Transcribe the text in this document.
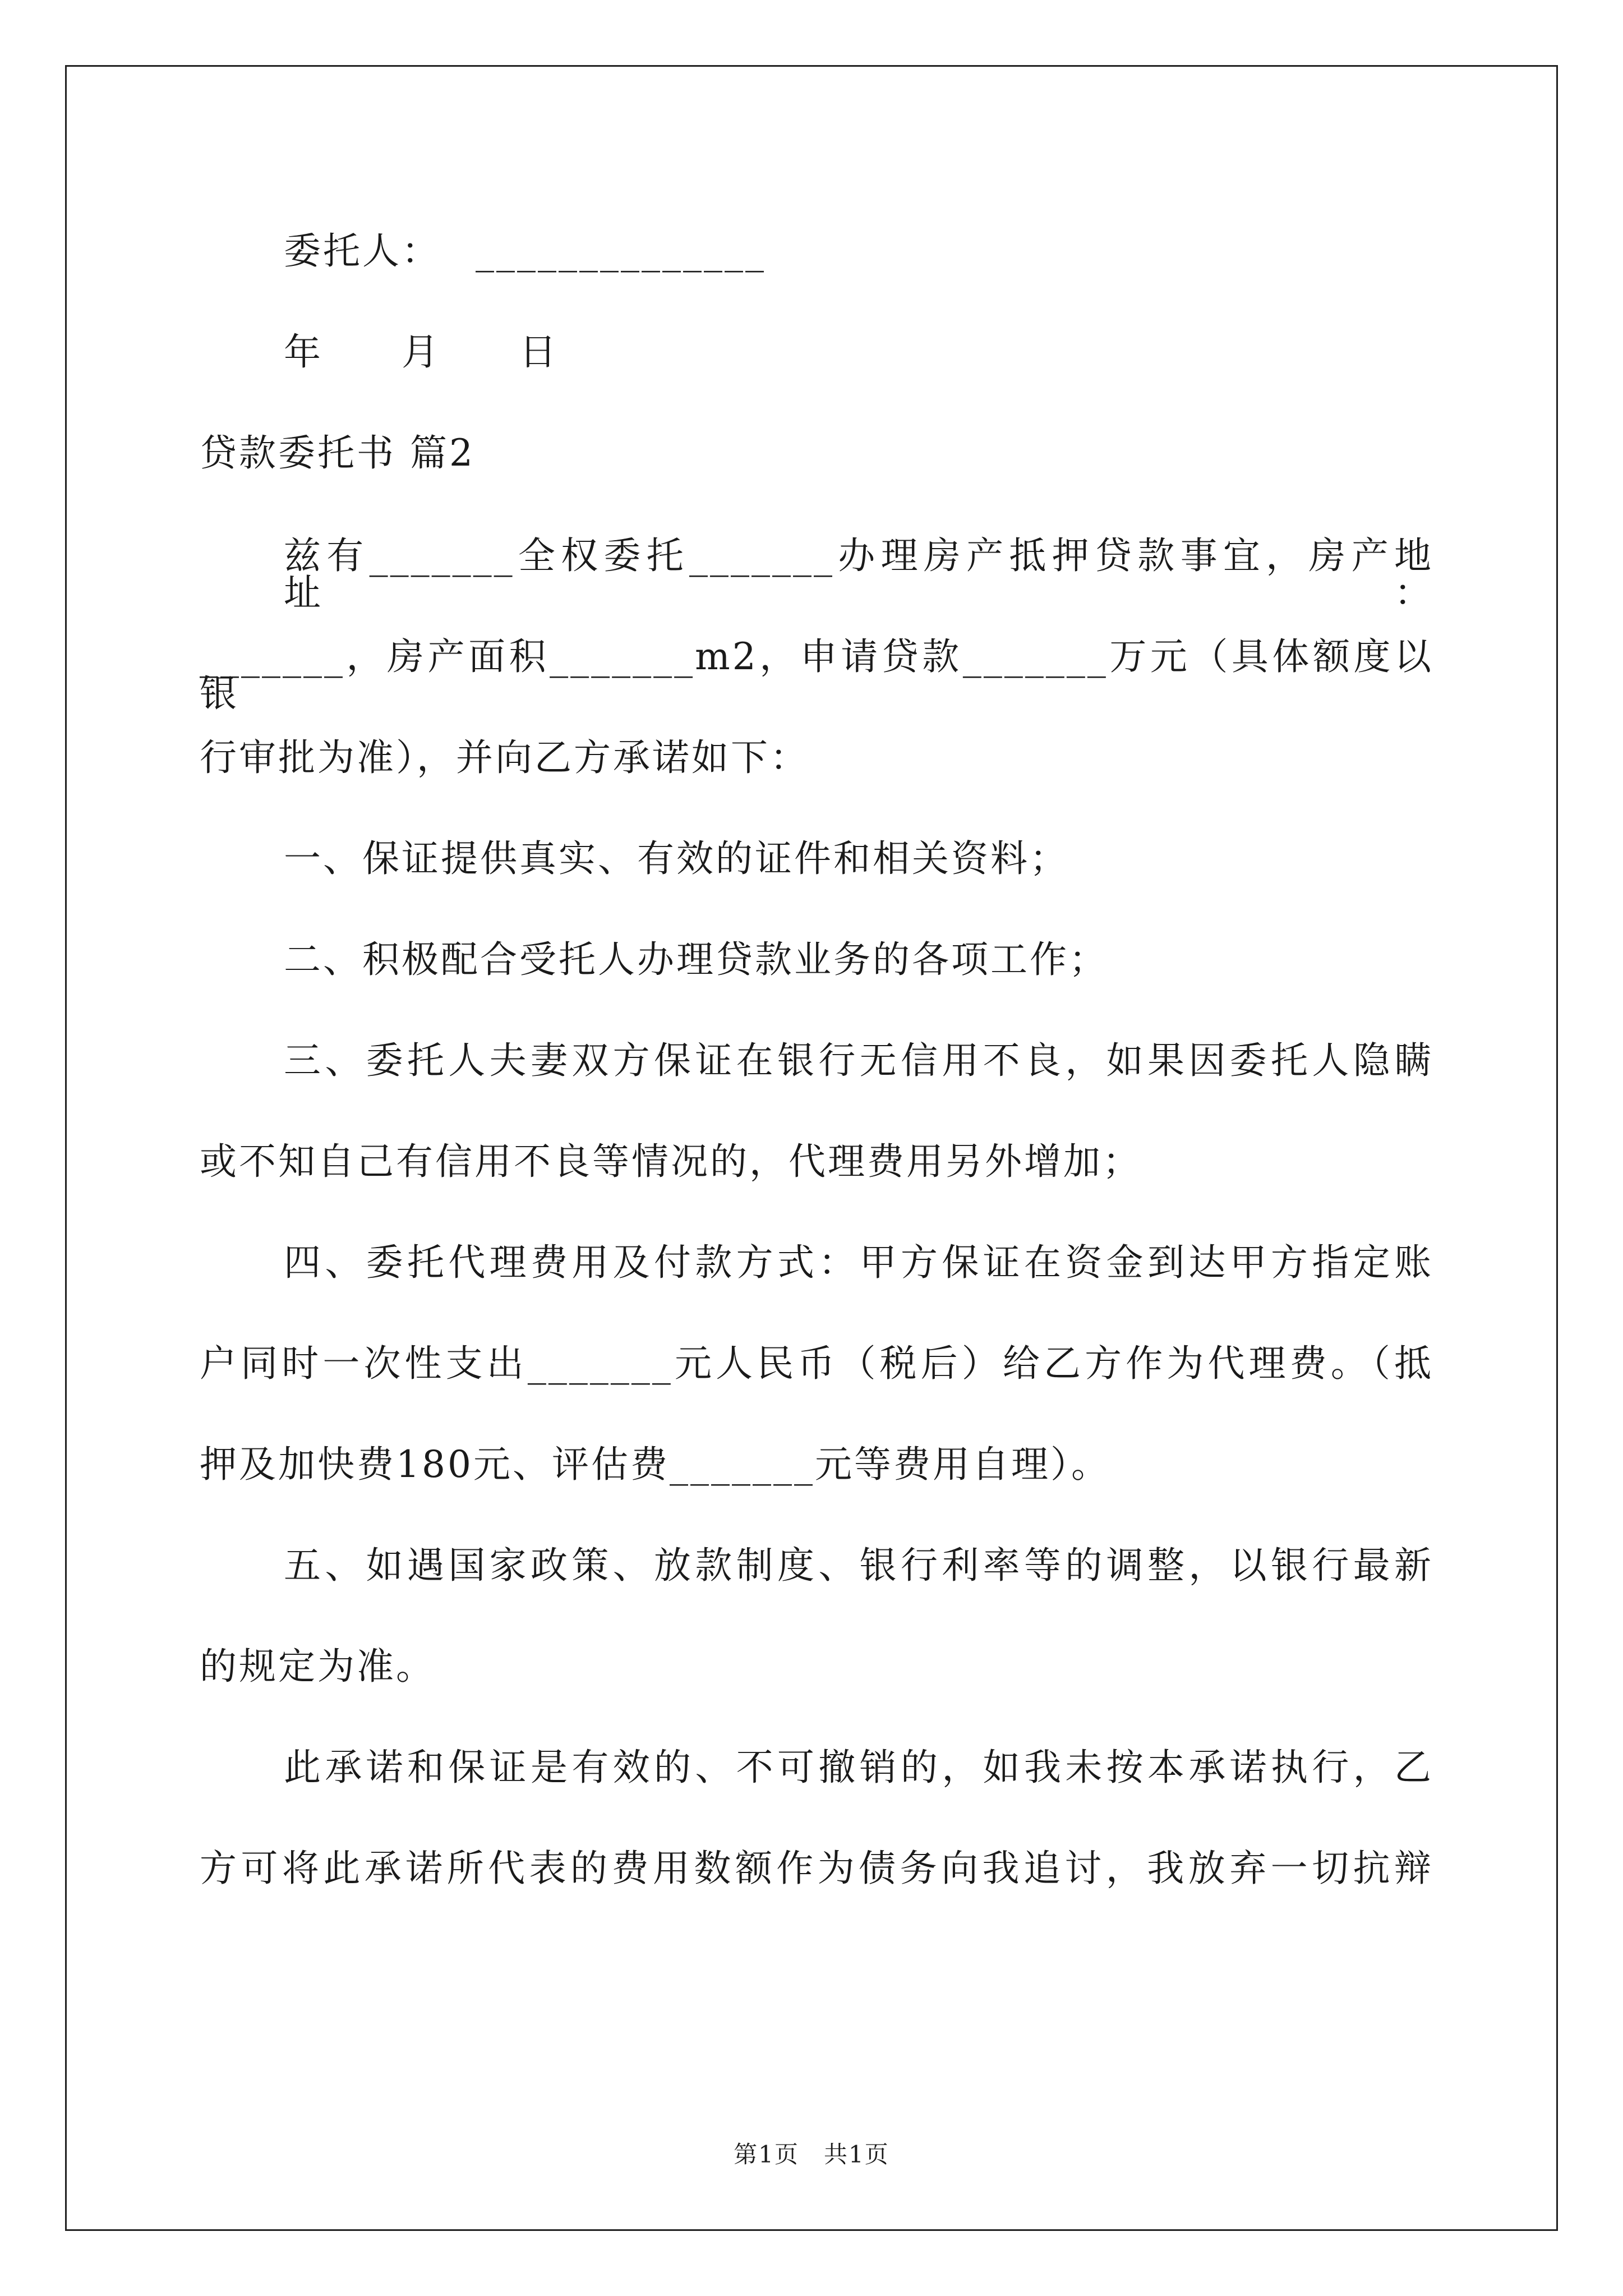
委托人：　 ______________
年　　月　　日
贷款委托书 篇2
兹有_______全权委托_______办理房产抵押贷款事宜，房产地址：
_______，房产面积_______m2，申请贷款_______万元（具体额度以银
行审批为准），并向乙方承诺如下：
一、保证提供真实、有效的证件和相关资料；
二、积极配合受托人办理贷款业务的各项工作；
三、委托人夫妻双方保证在银行无信用不良，如果因委托人隐瞒
或不知自己有信用不良等情况的，代理费用另外增加；
四、委托代理费用及付款方式：甲方保证在资金到达甲方指定账
户同时一次性支出_______元人民币（税后）给乙方作为代理费。（抵
押及加快费180元、评估费_______元等费用自理）。
五、如遇国家政策、放款制度、银行利率等的调整，以银行最新
的规定为准。
此承诺和保证是有效的、不可撤销的，如我未按本承诺执行，乙
方可将此承诺所代表的费用数额作为债务向我追讨，我放弃一切抗辩
第1页　共1页
